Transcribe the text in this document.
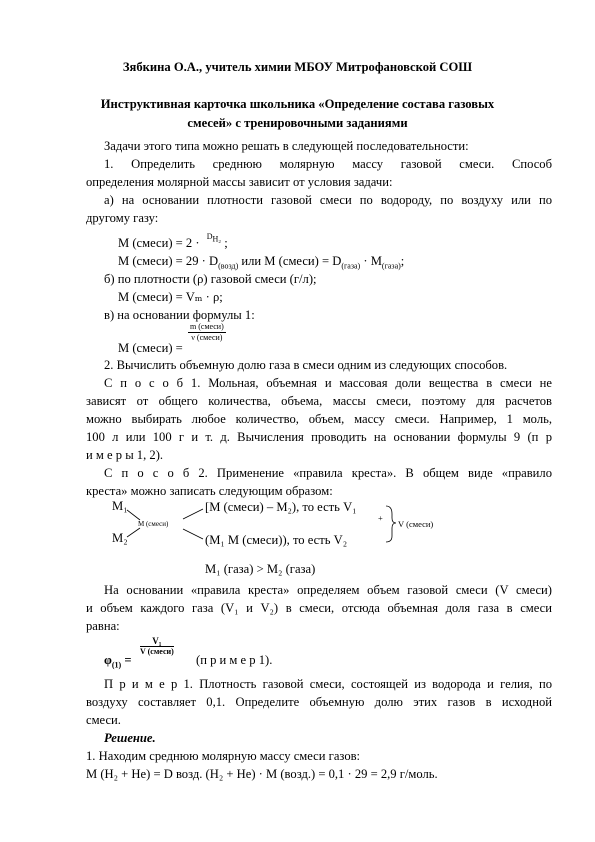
Зябкина О.А., учитель химии МБОУ Митрофановской СОШ
Инструктивная карточка школьника «Определение состава газовых
смесей» с тренировочными заданиями
Задачи этого типа можно решать в следующей последовательности:
1. Определить среднюю молярную массу газовой смеси. Способ
определения молярной массы зависит от условия задачи:
а) на основании плотности газовой смеси по водороду, по воздуху или по
другому газу:
M (смеси) = 2 · $^{D_{H_2}}$ ;
M (смеси) = $29 \cdot D_{(возд)}$ или M (смеси) = $D_{(газа)} \cdot M_{(газа)}$;
б) по плотности (ρ) газовой смеси (г/л);
M (смеси) = Vₘ · ρ;
в) на основании формулы 1:
M (смеси) =
m (смеси)
ν (смеси)
2. Вычислить объемную долю газа в смеси одним из следующих способов.
С п о с о б 1. Мольная, объемная и массовая доли вещества в смеси не
зависят от общего количества, объема, массы смеси, поэтому для расчетов
можно выбирать любое количество, объем, массу смеси. Например, 1 моль,
100 л или 100 г и т. д. Вычисления проводить на основании формулы 9 (п р
и м е р ы 1, 2).
С п о с о б 2. Применение «правила креста». В общем виде «правило
креста» можно записать следующим образом:
M₁
M₂
M (смеси)
[M (смеси) – M₂), то есть V₁
(M₁ M (смеси)), то есть V₂
+
V (смеси)
M₁ (газа) > M₂ (газа)
На основании «правила креста» определяем объем газовой смеси (V смеси)
и объем каждого газа (V₁ и V₂) в смеси, отсюда объемная доля газа в смеси
равна:
$\varphi_{(1)}$ =
V₁
V (смеси)
(п р и м е р 1).
П р и м е р 1. Плотность газовой смеси, состоящей из водорода и гелия, по
воздуху составляет 0,1. Определите объемную долю этих газов в исходной
смеси.
Решение.
1. Находим среднюю молярную массу смеси газов:
M (H₂ + He) = D возд. (H₂ + He) · M (возд.) = 0,1 · 29 = 2,9 г/моль.
